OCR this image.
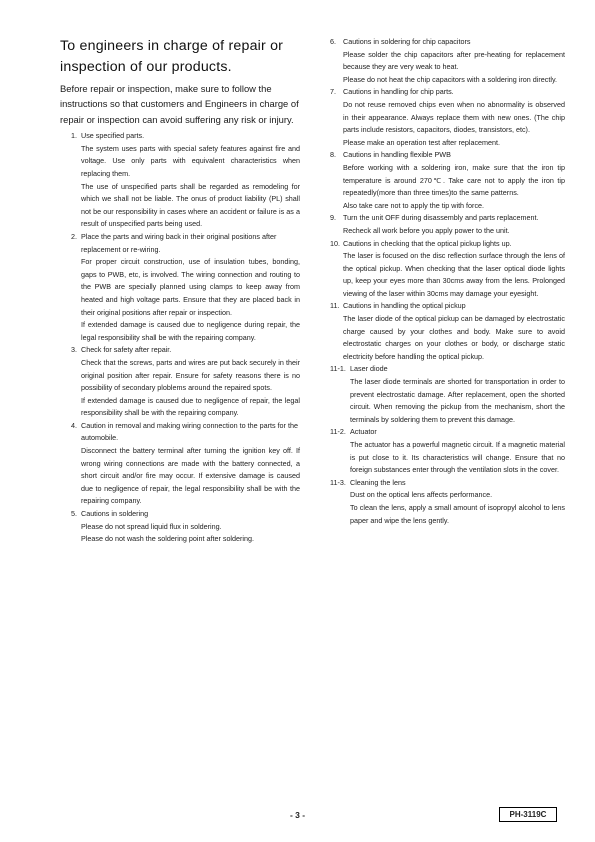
To engineers in charge of repair or inspection of our products.
Before repair or inspection, make sure to follow the instructions so that customers and Engineers in charge of repair or inspection can avoid suffering any risk or injury.
1. Use specified parts.
The system uses parts with special safety features against fire and voltage. Use only parts with equivalent characteristics when replacing them.
The use of unspecified parts shall be regarded as remodeling for which we shall not be liable. The onus of product liability (PL) shall not be our responsibility in cases where an accident or failure is as a result of unspecified parts being used.
2. Place the parts and wiring back in their original positions after replacement or re-wiring.
For proper circuit construction, use of insulation tubes, bonding, gaps to PWB, etc, is involved. The wiring connection and routing to the PWB are specially planned using clamps to keep away from heated and high voltage parts. Ensure that they are placed back in their original positions after repair or inspection.
If extended damage is caused due to negligence during repair, the legal responsibility shall be with the repairing company.
3. Check for safety after repair.
Check that the screws, parts and wires are put back securely in their original position after repair. Ensure for safety reasons there is no possibility of secondary ploblems around the repaired spots.
If extended damage is caused due to negligence of repair, the legal responsibility shall be with the repairing company.
4. Caution in removal and making wiring connection to the parts for the automobile.
Disconnect the battery terminal after turning the ignition key off. If wrong wiring connections are made with the battery connected, a short circuit and/or fire may occur. If extensive damage is caused due to negligence of repair, the legal responsibility shall be with the repairing company.
5. Cautions in soldering
Please do not spread liquid flux in soldering.
Please do not wash the soldering point after soldering.
6. Cautions in soldering for chip capacitors
Please solder the chip capacitors after pre-heating for replacement because they are very weak to heat.
Please do not heat the chip capacitors with a soldering iron directly.
7. Cautions in handling for chip parts.
Do not reuse removed chips even when no abnormality is observed in their appearance. Always replace them with new ones. (The chip parts include resistors, capacitors, diodes, transistors, etc).
Please make an operation test after replacement.
8. Cautions in handling flexible PWB
Before working with a soldering iron, make sure that the iron tip temperature is around 270℃. Take care not to apply the iron tip repeatedly(more than three times)to the same patterns.
Also take care not to apply the tip with force.
9. Turn the unit OFF during disassembly and parts replacement.
Recheck all work before you apply power to the unit.
10. Cautions in checking that the optical pickup lights up.
The laser is focused on the disc reflection surface through the lens of the optical pickup. When checking that the laser optical diode lights up, keep your eyes more than 30cms away from the lens. Prolonged viewing of the laser within 30cms may damage your eyesight.
11. Cautions in handling the optical pickup
The laser diode of the optical pickup can be damaged by electrostatic charge caused by your clothes and body. Make sure to avoid electrostatic charges on your clothes or body, or discharge static electricity before handling the optical pickup.
11-1. Laser diode
The laser diode terminals are shorted for transportation in order to prevent electrostatic damage. After replacement, open the shorted circuit. When removing the pickup from the mechanism, short the terminals by soldering them to prevent this damage.
11-2. Actuator
The actuator has a powerful magnetic circuit. If a magnetic material is put close to it. Its characteristics will change. Ensure that no foreign substances enter through the ventilation slots in the cover.
11-3. Cleaning the lens
Dust on the optical lens affects performance.
To clean the lens, apply a small amount of isopropyl alcohol to lens paper and wipe the lens gently.
- 3 -	PH-3119C
